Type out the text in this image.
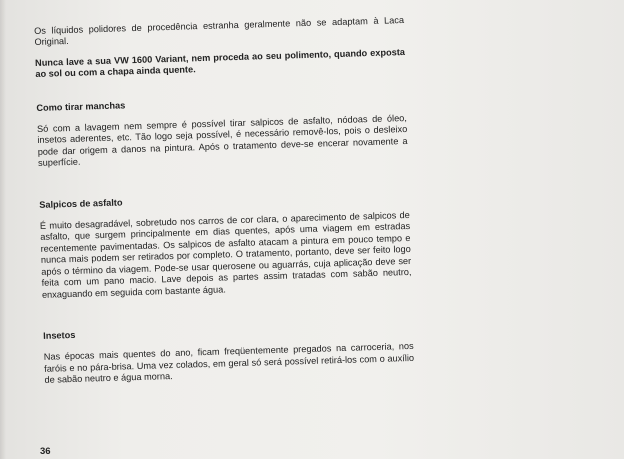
Os líquidos polidores de procedência estranha geralmente não se adaptam à Laca Original.

Nunca lave a sua VW 1600 Variant, nem proceda ao seu polimento, quando exposta ao sol ou com a chapa ainda quente.

Como tirar manchas

Só com a lavagem nem sempre é possível tirar salpicos de asfalto, nódoas de óleo, insetos aderentes, etc. Tão logo seja possível, é necessário removê-los, pois o desleixo pode dar origem a danos na pintura. Após o tratamento deve-se encerar novamente a superfície.

Salpicos de asfalto

É muito desagradável, sobretudo nos carros de cor clara, o aparecimento de salpicos de asfalto, que surgem principalmente em dias quentes, após uma viagem em estradas recentemente pavimentadas. Os salpicos de asfalto atacam a pintura em pouco tempo e nunca mais podem ser retirados por completo. O tratamento, portanto, deve ser feito logo após o término da viagem. Pode-se usar querosene ou aguarrás, cuja aplicação deve ser feita com um pano macio. Lave depois as partes assim tratadas com sabão neutro, enxaguando em seguida com bastante água.

Insetos

Nas épocas mais quentes do ano, ficam freqüentemente pregados na carroceria, nos faróis e no pára-brisa. Uma vez colados, em geral só será possível retirá-los com o auxílio de sabão neutro e água morna.

36
